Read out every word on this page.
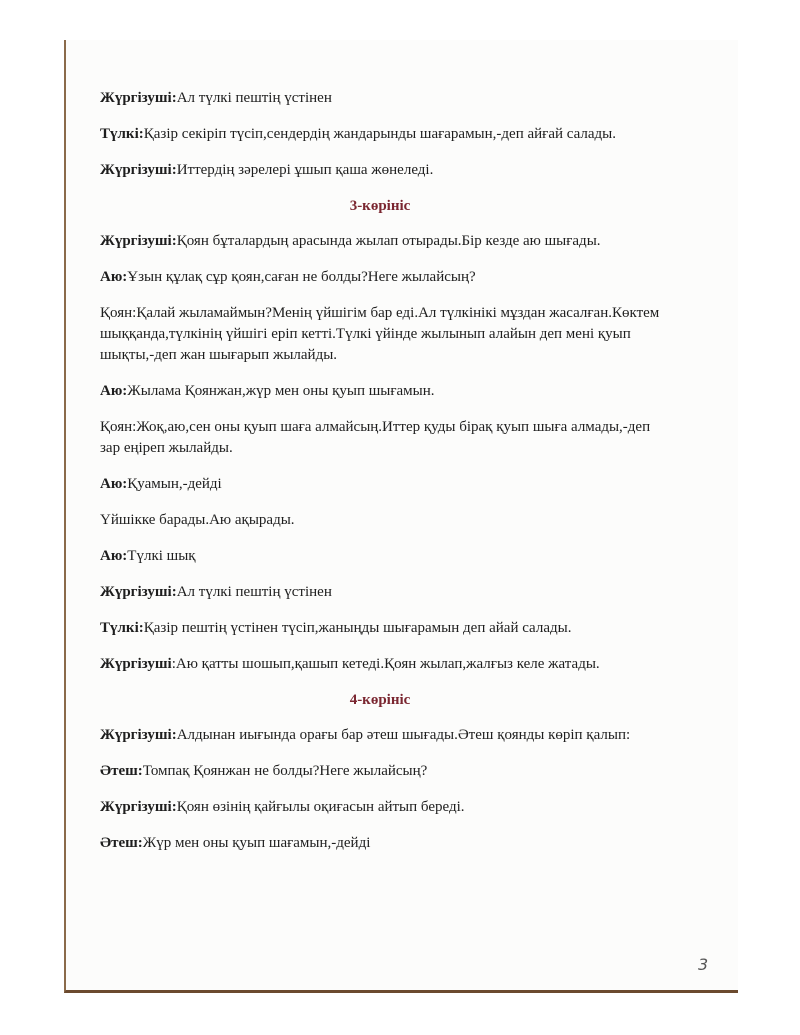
Жүргізуші:Ал түлкі пештің үстінен

Түлкі:Қазір секіріп түсіп,сендердің жандарынды шағарамын,-деп айғай салады.

Жүргізуші:Иттердің зәрелері ұшып қаша жөнеледі.

3-көрініс

Жүргізуші:Қоян бұталардың арасында жылап отырады.Бір кезде аю шығады.

Аю:Ұзын құлақ сұр қоян,саған не болды?Неге жылайсың?

Қоян:Қалай жыламаймын?Менің үйшігім бар еді.Ал түлкінікі мұздан жасалған.Көктем шыққанда,түлкінің үйшігі еріп кетті.Түлкі үйінде жылынып алайын деп мені қуып шықты,-деп жан шығарып жылайды.

Аю:Жылама Қоянжан,жүр мен оны қуып шығамын.

Қоян:Жоқ,аю,сен оны қуып шаға алмайсың.Иттер қуды бірақ қуып шыға алмады,-деп зар еңіреп жылайды.

Аю:Қуамын,-дейді

Үйшікке барады.Аю ақырады.

Аю:Түлкі шық

Жүргізуші:Ал түлкі пештің үстінен

Түлкі:Қазір пештің үстінен түсіп,жаныңды шығарамын деп айай салады.

Жүргізуші:Аю қатты шошып,қашып кетеді.Қоян жылап,жалғыз келе жатады.

4-көрініс

Жүргізуші:Алдынан иығында орағы бар әтеш шығады.Әтеш қоянды көріп қалып:

Әтеш:Томпақ Қоянжан не болды?Неге жылайсың?

Жүргізуші:Қоян өзінің қайғылы оқиғасын айтып береді.

Әтеш:Жүр мен оны қуып шағамын,-дейді

3
